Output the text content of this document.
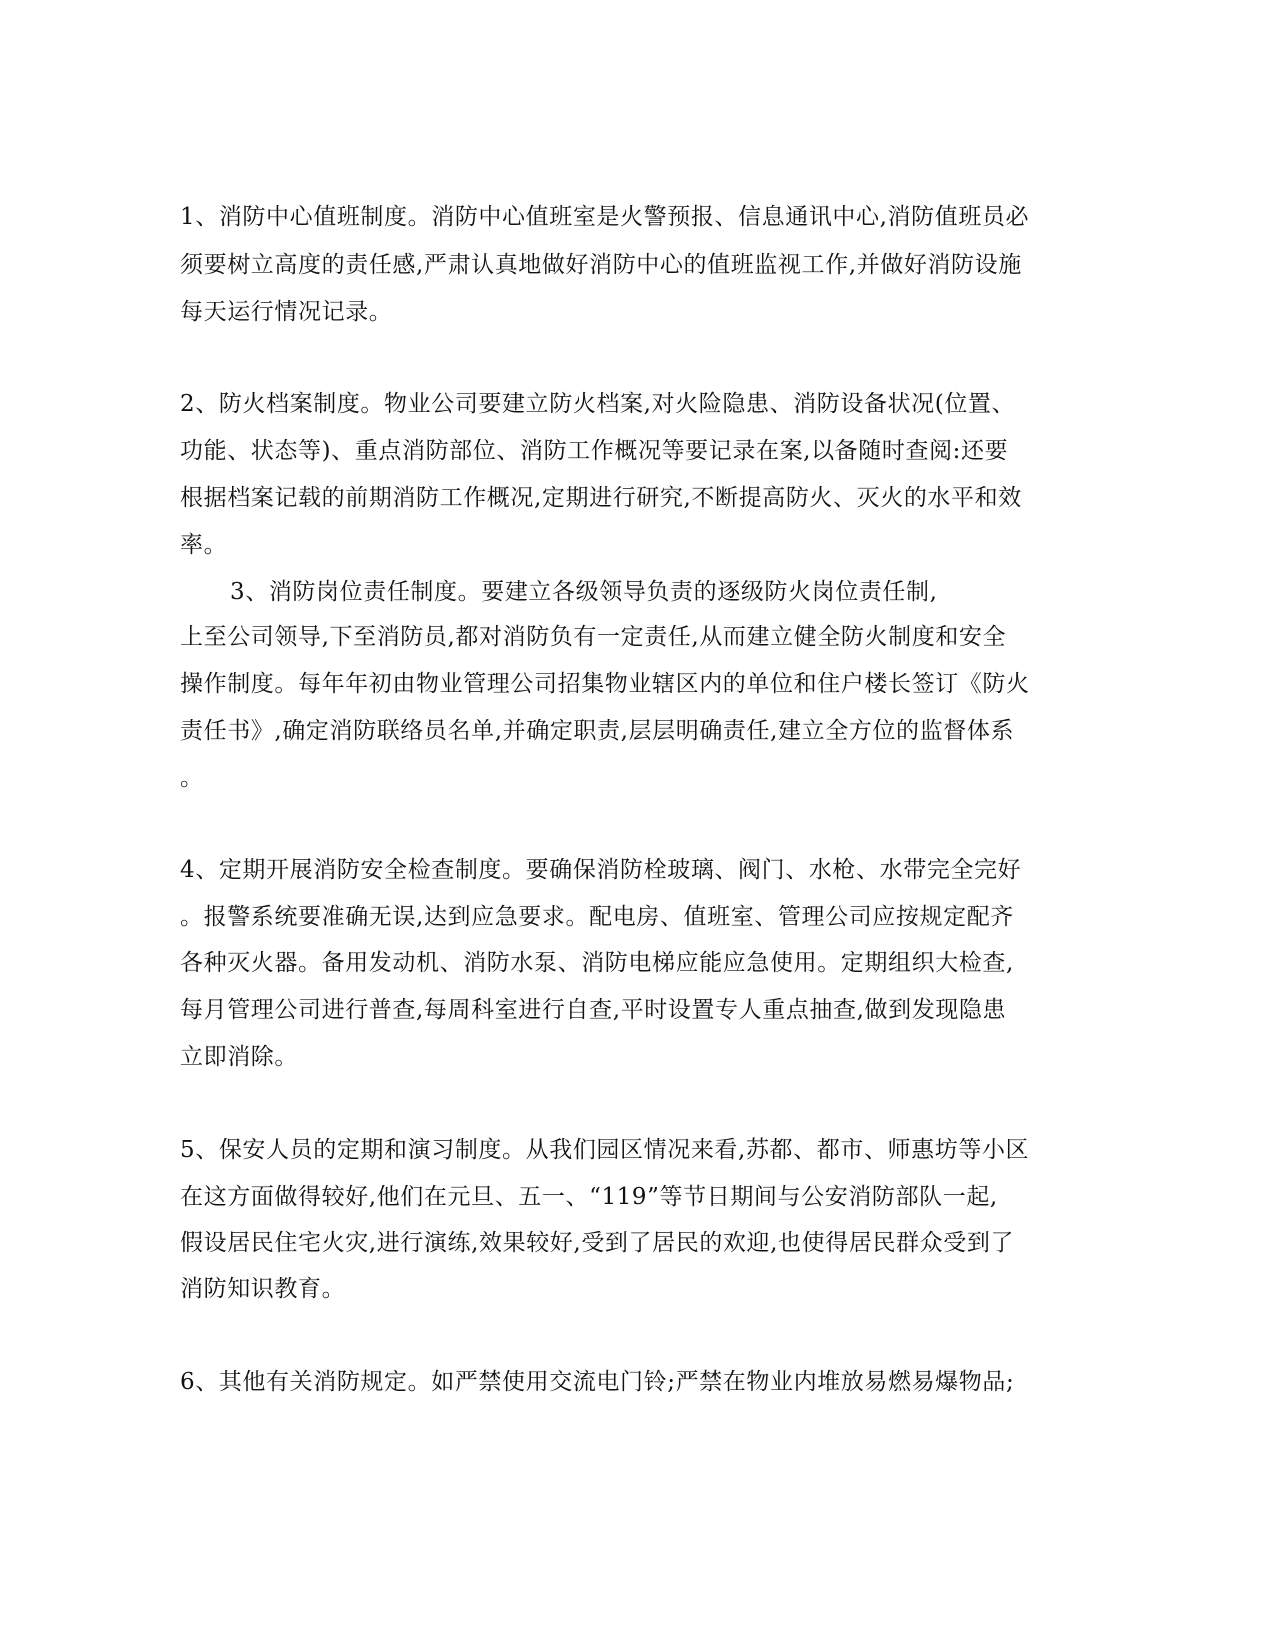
1、消防中心值班制度。消防中心值班室是火警预报、信息通讯中心,消防值班员必
须要树立高度的责任感,严肃认真地做好消防中心的值班监视工作,并做好消防设施
每天运行情况记录。
2、防火档案制度。物业公司要建立防火档案,对火险隐患、消防设备状况(位置、
功能、状态等)、重点消防部位、消防工作概况等要记录在案,以备随时查阅:还要
根据档案记载的前期消防工作概况,定期进行研究,不断提高防火、灭火的水平和效
率。
3、消防岗位责任制度。要建立各级领导负责的逐级防火岗位责任制,
上至公司领导,下至消防员,都对消防负有一定责任,从而建立健全防火制度和安全
操作制度。每年年初由物业管理公司招集物业辖区内的单位和住户楼长签订《防火
责任书》,确定消防联络员名单,并确定职责,层层明确责任,建立全方位的监督体系
。
4、定期开展消防安全检查制度。要确保消防栓玻璃、阀门、水枪、水带完全完好
。报警系统要准确无误,达到应急要求。配电房、值班室、管理公司应按规定配齐
各种灭火器。备用发动机、消防水泵、消防电梯应能应急使用。定期组织大检查,
每月管理公司进行普查,每周科室进行自查,平时设置专人重点抽查,做到发现隐患
立即消除。
5、保安人员的定期和演习制度。从我们园区情况来看,苏都、都市、师惠坊等小区
在这方面做得较好,他们在元旦、五一、“119”等节日期间与公安消防部队一起,
假设居民住宅火灾,进行演练,效果较好,受到了居民的欢迎,也使得居民群众受到了
消防知识教育。
6、其他有关消防规定。如严禁使用交流电门铃;严禁在物业内堆放易燃易爆物品;
